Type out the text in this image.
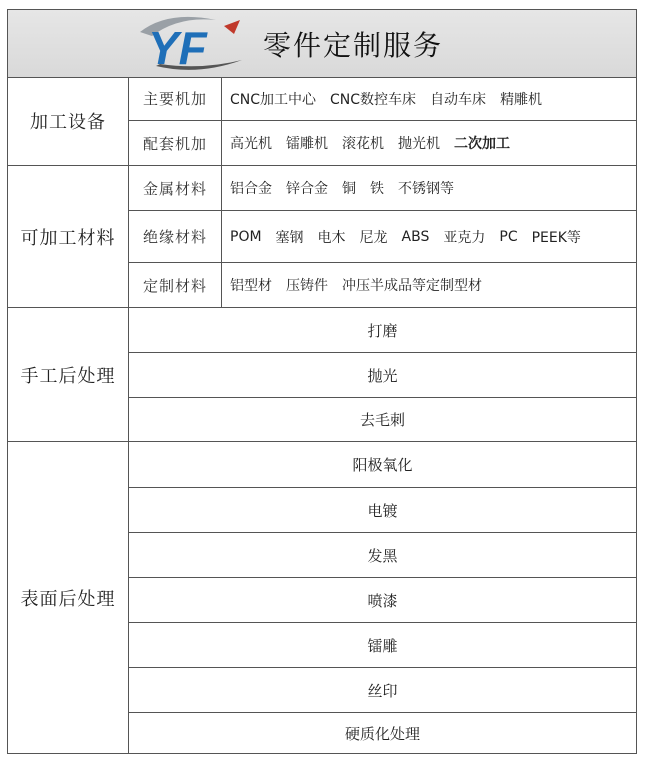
YF 零件定制服务
加工设备
主要机加	CNC加工中心 CNC数控车床 自动车床 精雕机
配套机加	高光机 镭雕机 滚花机 抛光机 二次加工
可加工材料
金属材料	铝合金 锌合金 铜 铁 不锈钢等
绝缘材料	POM 塞钢 电木 尼龙 ABS 亚克力 PC PEEK等
定制材料	铝型材 压铸件 冲压半成品等定制型材
手工后处理
打磨
抛光
去毛刺
表面后处理
阳极氧化
电镀
发黑
喷漆
镭雕
丝印
硬质化处理
